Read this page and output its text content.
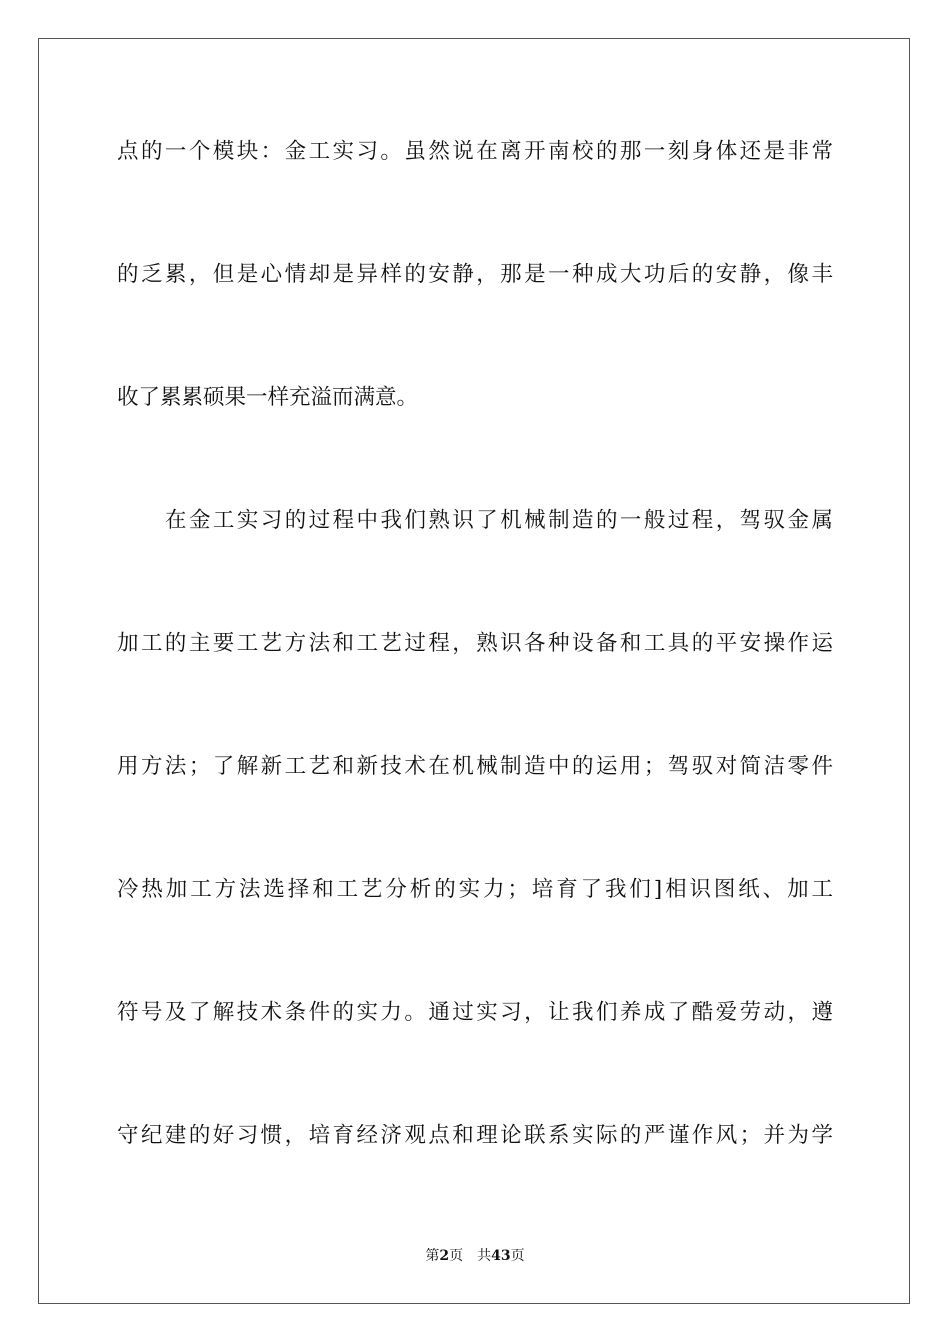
点的一个模块：金工实习。虽然说在离开南校的那一刻身体还是非常
的乏累，但是心情却是异样的安静，那是一种成大功后的安静，像丰
收了累累硕果一样充溢而满意。
在金工实习的过程中我们熟识了机械制造的一般过程，驾驭金属
加工的主要工艺方法和工艺过程，熟识各种设备和工具的平安操作运
用方法；了解新工艺和新技术在机械制造中的运用；驾驭对简洁零件
冷热加工方法选择和工艺分析的实力；培育了我们]相识图纸、加工
符号及了解技术条件的实力。通过实习，让我们养成了酷爱劳动，遵
守纪建的好习惯，培育经济观点和理论联系实际的严谨作风；并为学
第2页 共43页
